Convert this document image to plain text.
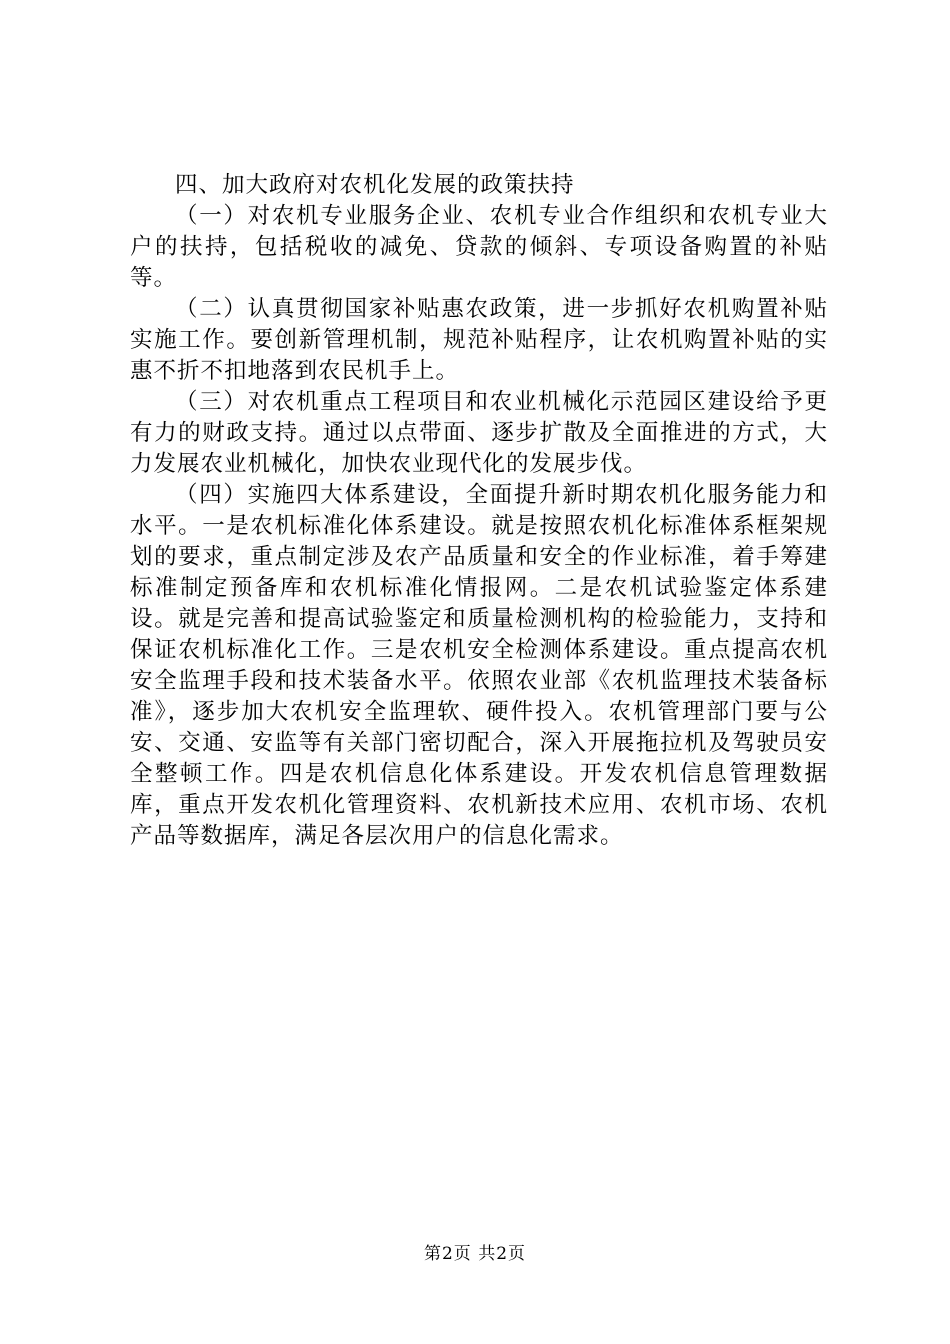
四、加大政府对农机化发展的政策扶持

（一）对农机专业服务企业、农机专业合作组织和农机专业大户的扶持，包括税收的减免、贷款的倾斜、专项设备购置的补贴等。

（二）认真贯彻国家补贴惠农政策，进一步抓好农机购置补贴实施工作。要创新管理机制，规范补贴程序，让农机购置补贴的实惠不折不扣地落到农民机手上。

（三）对农机重点工程项目和农业机械化示范园区建设给予更有力的财政支持。通过以点带面、逐步扩散及全面推进的方式，大力发展农业机械化，加快农业现代化的发展步伐。

（四）实施四大体系建设，全面提升新时期农机化服务能力和水平。一是农机标准化体系建设。就是按照农机化标准体系框架规划的要求，重点制定涉及农产品质量和安全的作业标准，着手筹建标准制定预备库和农机标准化情报网。二是农机试验鉴定体系建设。就是完善和提高试验鉴定和质量检测机构的检验能力，支持和保证农机标准化工作。三是农机安全检测体系建设。重点提高农机安全监理手段和技术装备水平。依照农业部《农机监理技术装备标准》，逐步加大农机安全监理软、硬件投入。农机管理部门要与公安、交通、安监等有关部门密切配合，深入开展拖拉机及驾驶员安全整顿工作。四是农机信息化体系建设。开发农机信息管理数据库，重点开发农机化管理资料、农机新技术应用、农机市场、农机产品等数据库，满足各层次用户的信息化需求。

第2页 共2页
